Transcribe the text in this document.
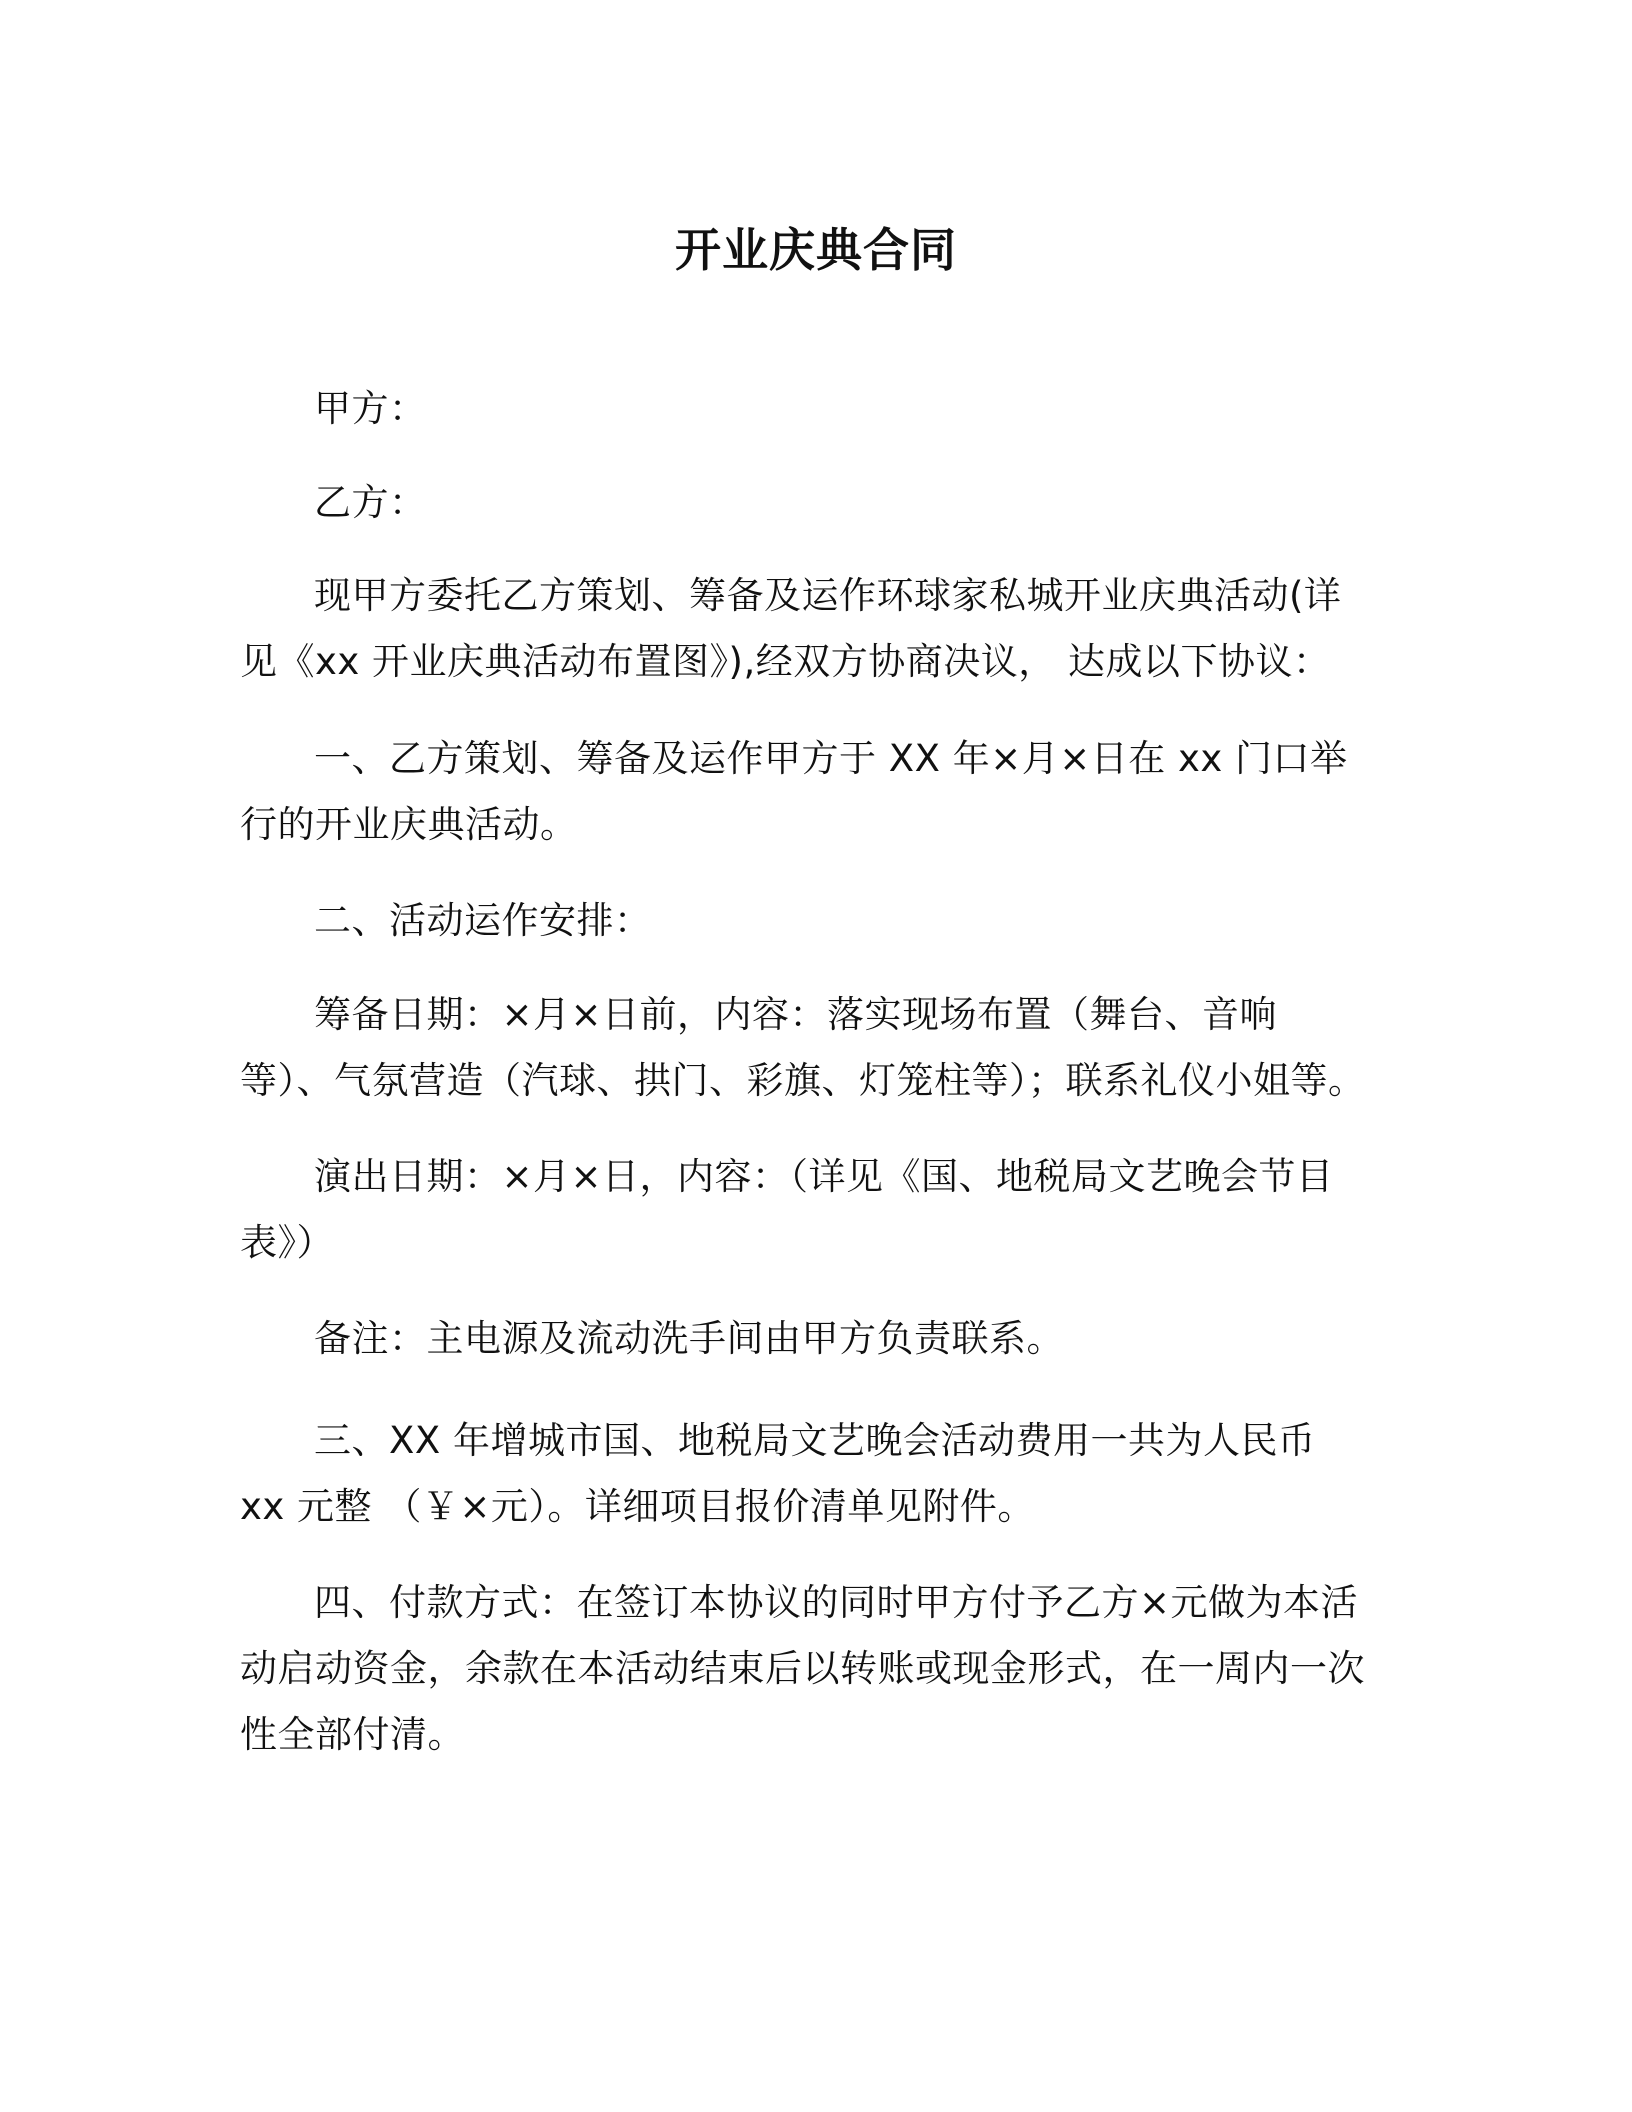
开业庆典合同
甲方：
乙方：
现甲方委托乙方策划、筹备及运作环球家私城开业庆典活动(详见《xx 开业庆典活动布置图》),经双方协商决议， 达成以下协议：
一、乙方策划、筹备及运作甲方于 XX 年×月×日在 xx 门口举行的开业庆典活动。
二、活动运作安排：
筹备日期：×月×日前，内容：落实现场布置（舞台、音响等）、气氛营造（汽球、拱门、彩旗、灯笼柱等）；联系礼仪小姐等。
演出日期：×月×日，内容：（详见《国、地税局文艺晚会节目表》）
备注：主电源及流动洗手间由甲方负责联系。
三、XX 年增城市国、地税局文艺晚会活动费用一共为人民币 xx 元整 （￥×元）。详细项目报价清单见附件。
四、付款方式：在签订本协议的同时甲方付予乙方×元做为本活动启动资金，余款在本活动结束后以转账或现金形式，在一周内一次性全部付清。
